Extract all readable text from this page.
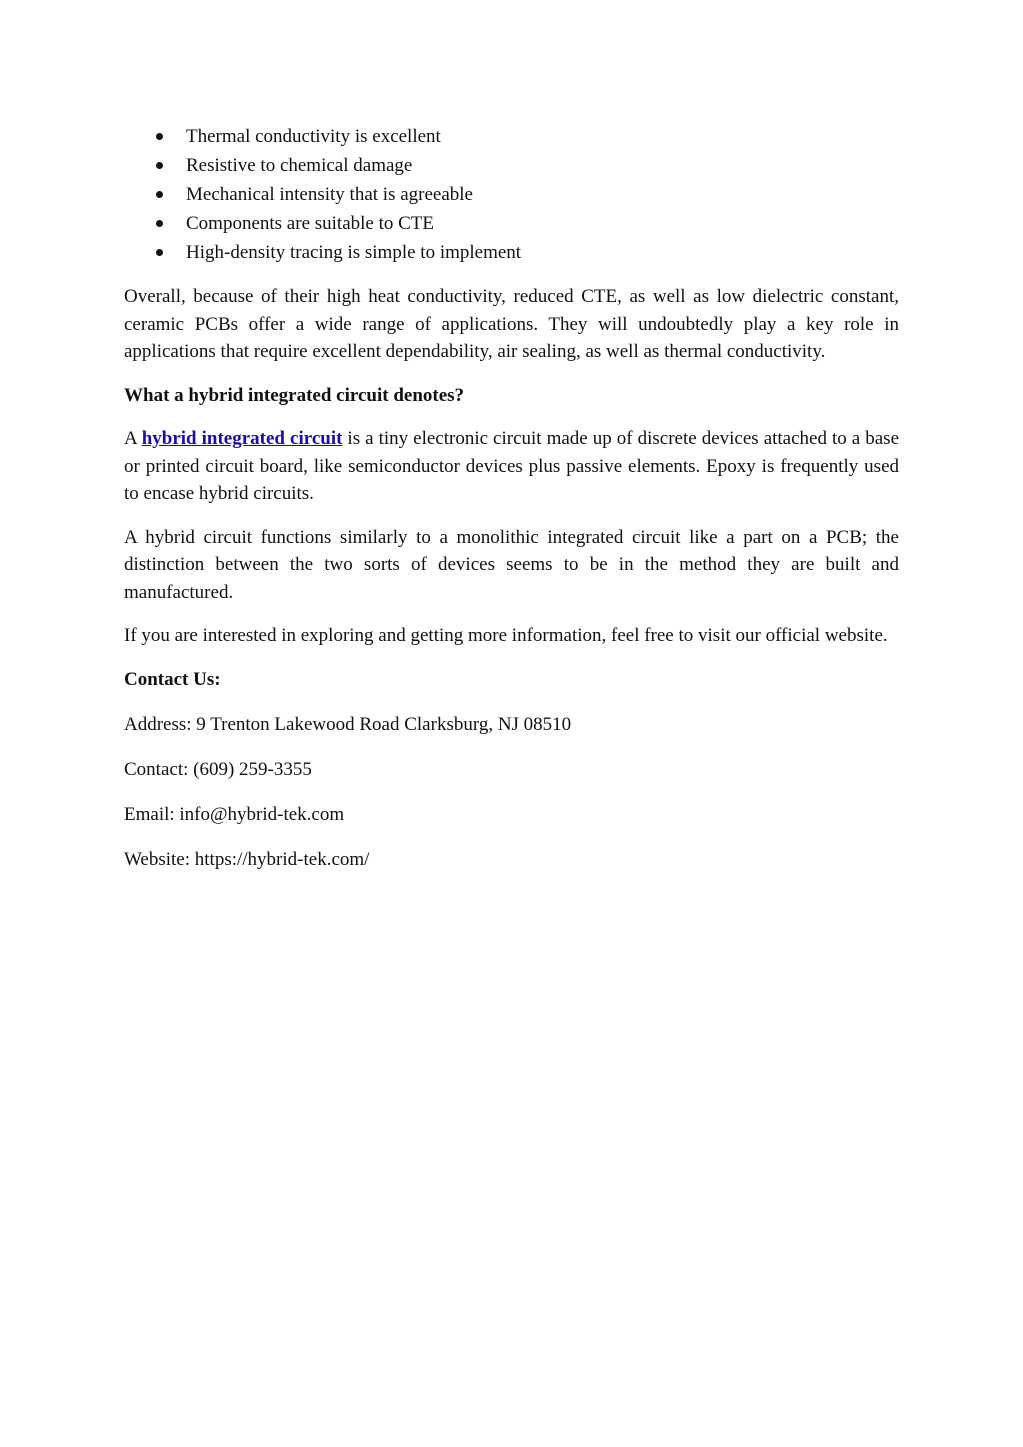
Thermal conductivity is excellent
Resistive to chemical damage
Mechanical intensity that is agreeable
Components are suitable to CTE
High-density tracing is simple to implement

Overall, because of their high heat conductivity, reduced CTE, as well as low dielectric constant, ceramic PCBs offer a wide range of applications. They will undoubtedly play a key role in applications that require excellent dependability, air sealing, as well as thermal conductivity.

What a hybrid integrated circuit denotes?

A hybrid integrated circuit is a tiny electronic circuit made up of discrete devices attached to a base or printed circuit board, like semiconductor devices plus passive elements. Epoxy is frequently used to encase hybrid circuits.

A hybrid circuit functions similarly to a monolithic integrated circuit like a part on a PCB; the distinction between the two sorts of devices seems to be in the method they are built and manufactured.

If you are interested in exploring and getting more information, feel free to visit our official website.

Contact Us:

Address: 9 Trenton Lakewood Road Clarksburg, NJ 08510

Contact: (609) 259-3355

Email: info@hybrid-tek.com

Website: https://hybrid-tek.com/
